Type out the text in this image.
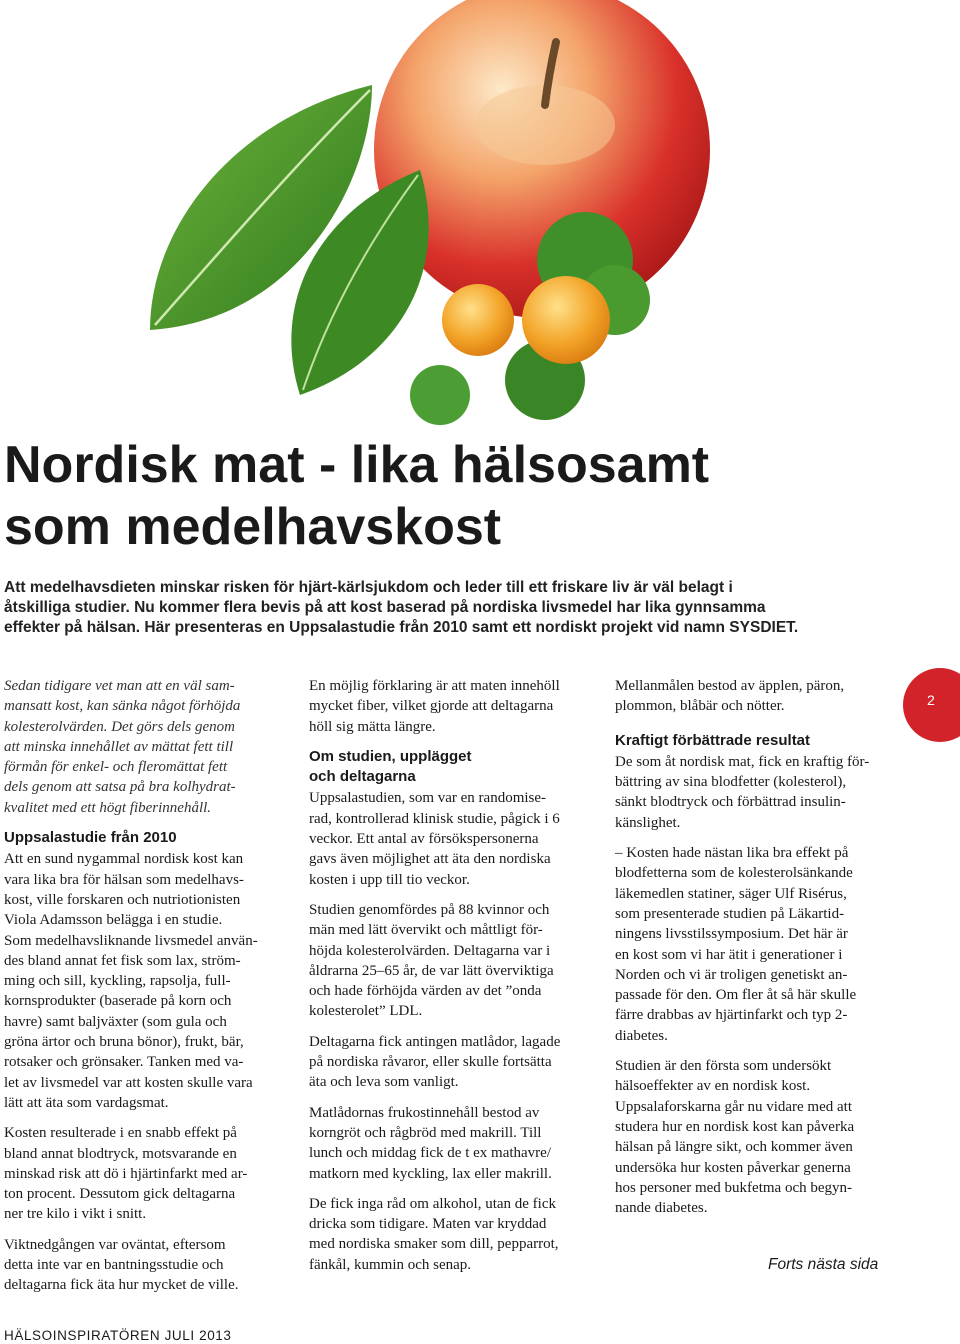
Nordisk mat - lika hälsosamt
som medelhavskost

Att medelhavsdieten minskar risken för hjärt-kärlsjukdom och leder till ett friskare liv är väl belagt i
åtskilliga studier. Nu kommer flera bevis på att kost baserad på nordiska livsmedel har lika gynnsamma
effekter på hälsan. Här presenteras en Uppsalastudie från 2010 samt ett nordiskt projekt vid namn SYSDIET.

Sedan tidigare vet man att en väl sam-
mansatt kost, kan sänka något förhöjda
kolesterolvärden. Det görs dels genom
att minska innehållet av mättat fett till
förmån för enkel- och fleromättat fett
dels genom att satsa på bra kolhydrat-
kvalitet med ett högt fiberinnehåll.

Uppsalastudie från 2010

Att en sund nygammal nordisk kost kan
vara lika bra för hälsan som medelhavs-
kost, ville forskaren och nutriotionisten
Viola Adamsson belägga i en studie.

Som medelhavsliknande livsmedel använ-
des bland annat fet fisk som lax, ström-
ming och sill, kyckling, rapsolja, full-
kornsprodukter (baserade på korn och
havre) samt baljväxter (som gula och
gröna ärtor och bruna bönor), frukt, bär,
rotsaker och grönsaker. Tanken med va-
let av livsmedel var att kosten skulle vara
lätt att äta som vardagsmat.

Kosten resulterade i en snabb effekt på
bland annat blodtryck, motsvarande en
minskad risk att dö i hjärtinfarkt med ar-
ton procent. Dessutom gick deltagarna
ner tre kilo i vikt i snitt.

Viktnedgången var oväntat, eftersom
detta inte var en bantningsstudie och
deltagarna fick äta hur mycket de ville.

En möjlig förklaring är att maten innehöll
mycket fiber, vilket gjorde att deltagarna
höll sig mätta längre.

Om studien, upplägget
och deltagarna

Uppsalastudien, som var en randomise-
rad, kontrollerad klinisk studie, pågick i 6
veckor. Ett antal av försökspersonerna
gavs även möjlighet att äta den nordiska
kosten i upp till tio veckor.

Studien genomfördes på 88 kvinnor och
män med lätt övervikt och måttligt för-
höjda kolesterolvärden. Deltagarna var i
åldrarna 25–65 år, de var lätt överviktiga
och hade förhöjda värden av det ”onda
kolesterolet” LDL.

Deltagarna fick antingen matlådor, lagade
på nordiska råvaror, eller skulle fortsätta
äta och leva som vanligt.

Matlådornas frukostinnehåll bestod av
korngröt och rågbröd med makrill. Till
lunch och middag fick de t ex mathavre/
matkorn med kyckling, lax eller makrill.

De fick inga råd om alkohol, utan de fick
dricka som tidigare. Maten var kryddad
med nordiska smaker som dill, pepparrot,
fänkål, kummin och senap.

Mellanmålen bestod av äpplen, päron,
plommon, blåbär och nötter.

Kraftigt förbättrade resultat

De som åt nordisk mat, fick en kraftig för-
bättring av sina blodfetter (kolesterol),
sänkt blodtryck och förbättrad insulin-
känslighet.

– Kosten hade nästan lika bra effekt på
blodfetterna som de kolesterolsänkande
läkemedlen statiner, säger Ulf Risérus,
som presenterade studien på Läkartid-
ningens livsstilssymposium. Det här är
en kost som vi har ätit i generationer i
Norden och vi är troligen genetiskt an-
passade för den. Om fler åt så här skulle
färre drabbas av hjärtinfarkt och typ 2-
diabetes.

Studien är den första som undersökt
hälsoeffekter av en nordisk kost.
Uppsalaforskarna går nu vidare med att
studera hur en nordisk kost kan påverka
hälsan på längre sikt, och kommer även
undersöka hur kosten påverkar generna
hos personer med bukfetma och begyn-
nande diabetes.

Forts nästa sida
2
HÄLSOINSPIRATÖREN JULI 2013
